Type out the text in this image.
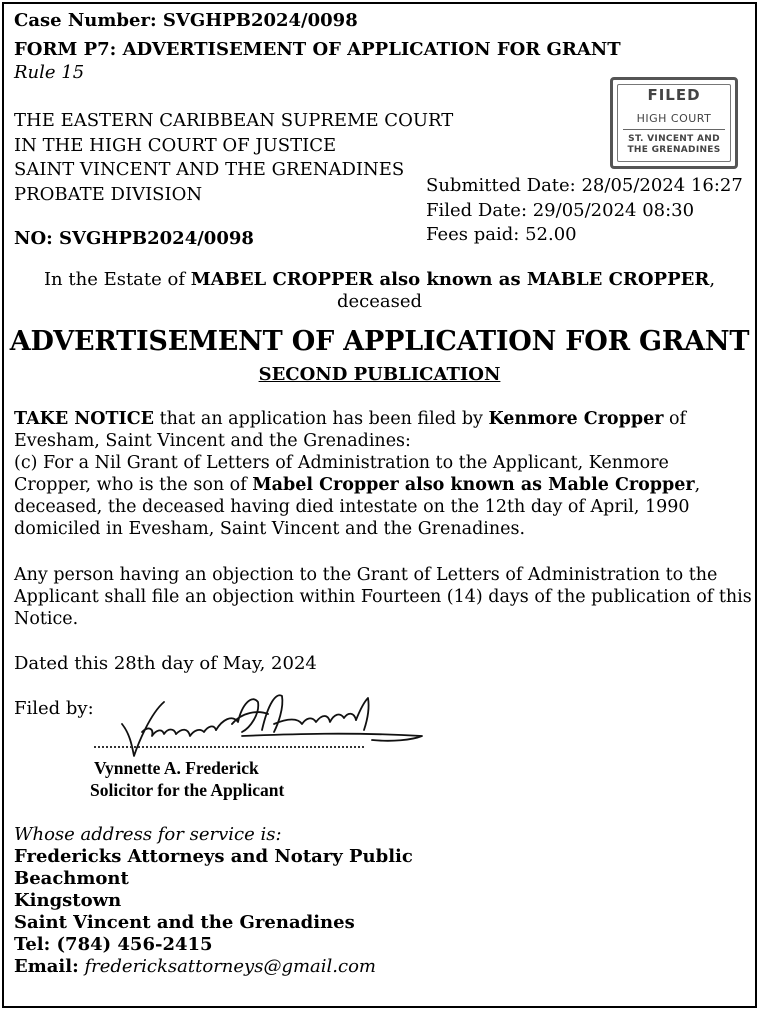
Case Number: SVGHPB2024/0098
FORM P7: ADVERTISEMENT OF APPLICATION FOR GRANT
Rule 15
THE EASTERN CARIBBEAN SUPREME COURT
IN THE HIGH COURT OF JUSTICE
SAINT VINCENT AND THE GRENADINES
PROBATE DIVISION
NO: SVGHPB2024/0098
FILED
HIGH COURT
ST. VINCENT AND
THE GRENADINES
Submitted Date: 28/05/2024 16:27
Filed Date: 29/05/2024 08:30
Fees paid: 52.00
In the Estate of MABEL CROPPER also known as MABLE CROPPER,
deceased
ADVERTISEMENT OF APPLICATION FOR GRANT
SECOND PUBLICATION
TAKE NOTICE that an application has been filed by Kenmore Cropper of
Evesham, Saint Vincent and the Grenadines:
(c) For a Nil Grant of Letters of Administration to the Applicant, Kenmore
Cropper, who is the son of Mabel Cropper also known as Mable Cropper,
deceased, the deceased having died intestate on the 12th day of April, 1990
domiciled in Evesham, Saint Vincent and the Grenadines.
Any person having an objection to the Grant of Letters of Administration to the
Applicant shall file an objection within Fourteen (14) days of the publication of this
Notice.
Dated this 28th day of May, 2024
Filed by:
Vynnette A. Frederick
Solicitor for the Applicant
Whose address for service is:
Fredericks Attorneys and Notary Public
Beachmont
Kingstown
Saint Vincent and the Grenadines
Tel: (784) 456-2415
Email: fredericksattorneys@gmail.com
